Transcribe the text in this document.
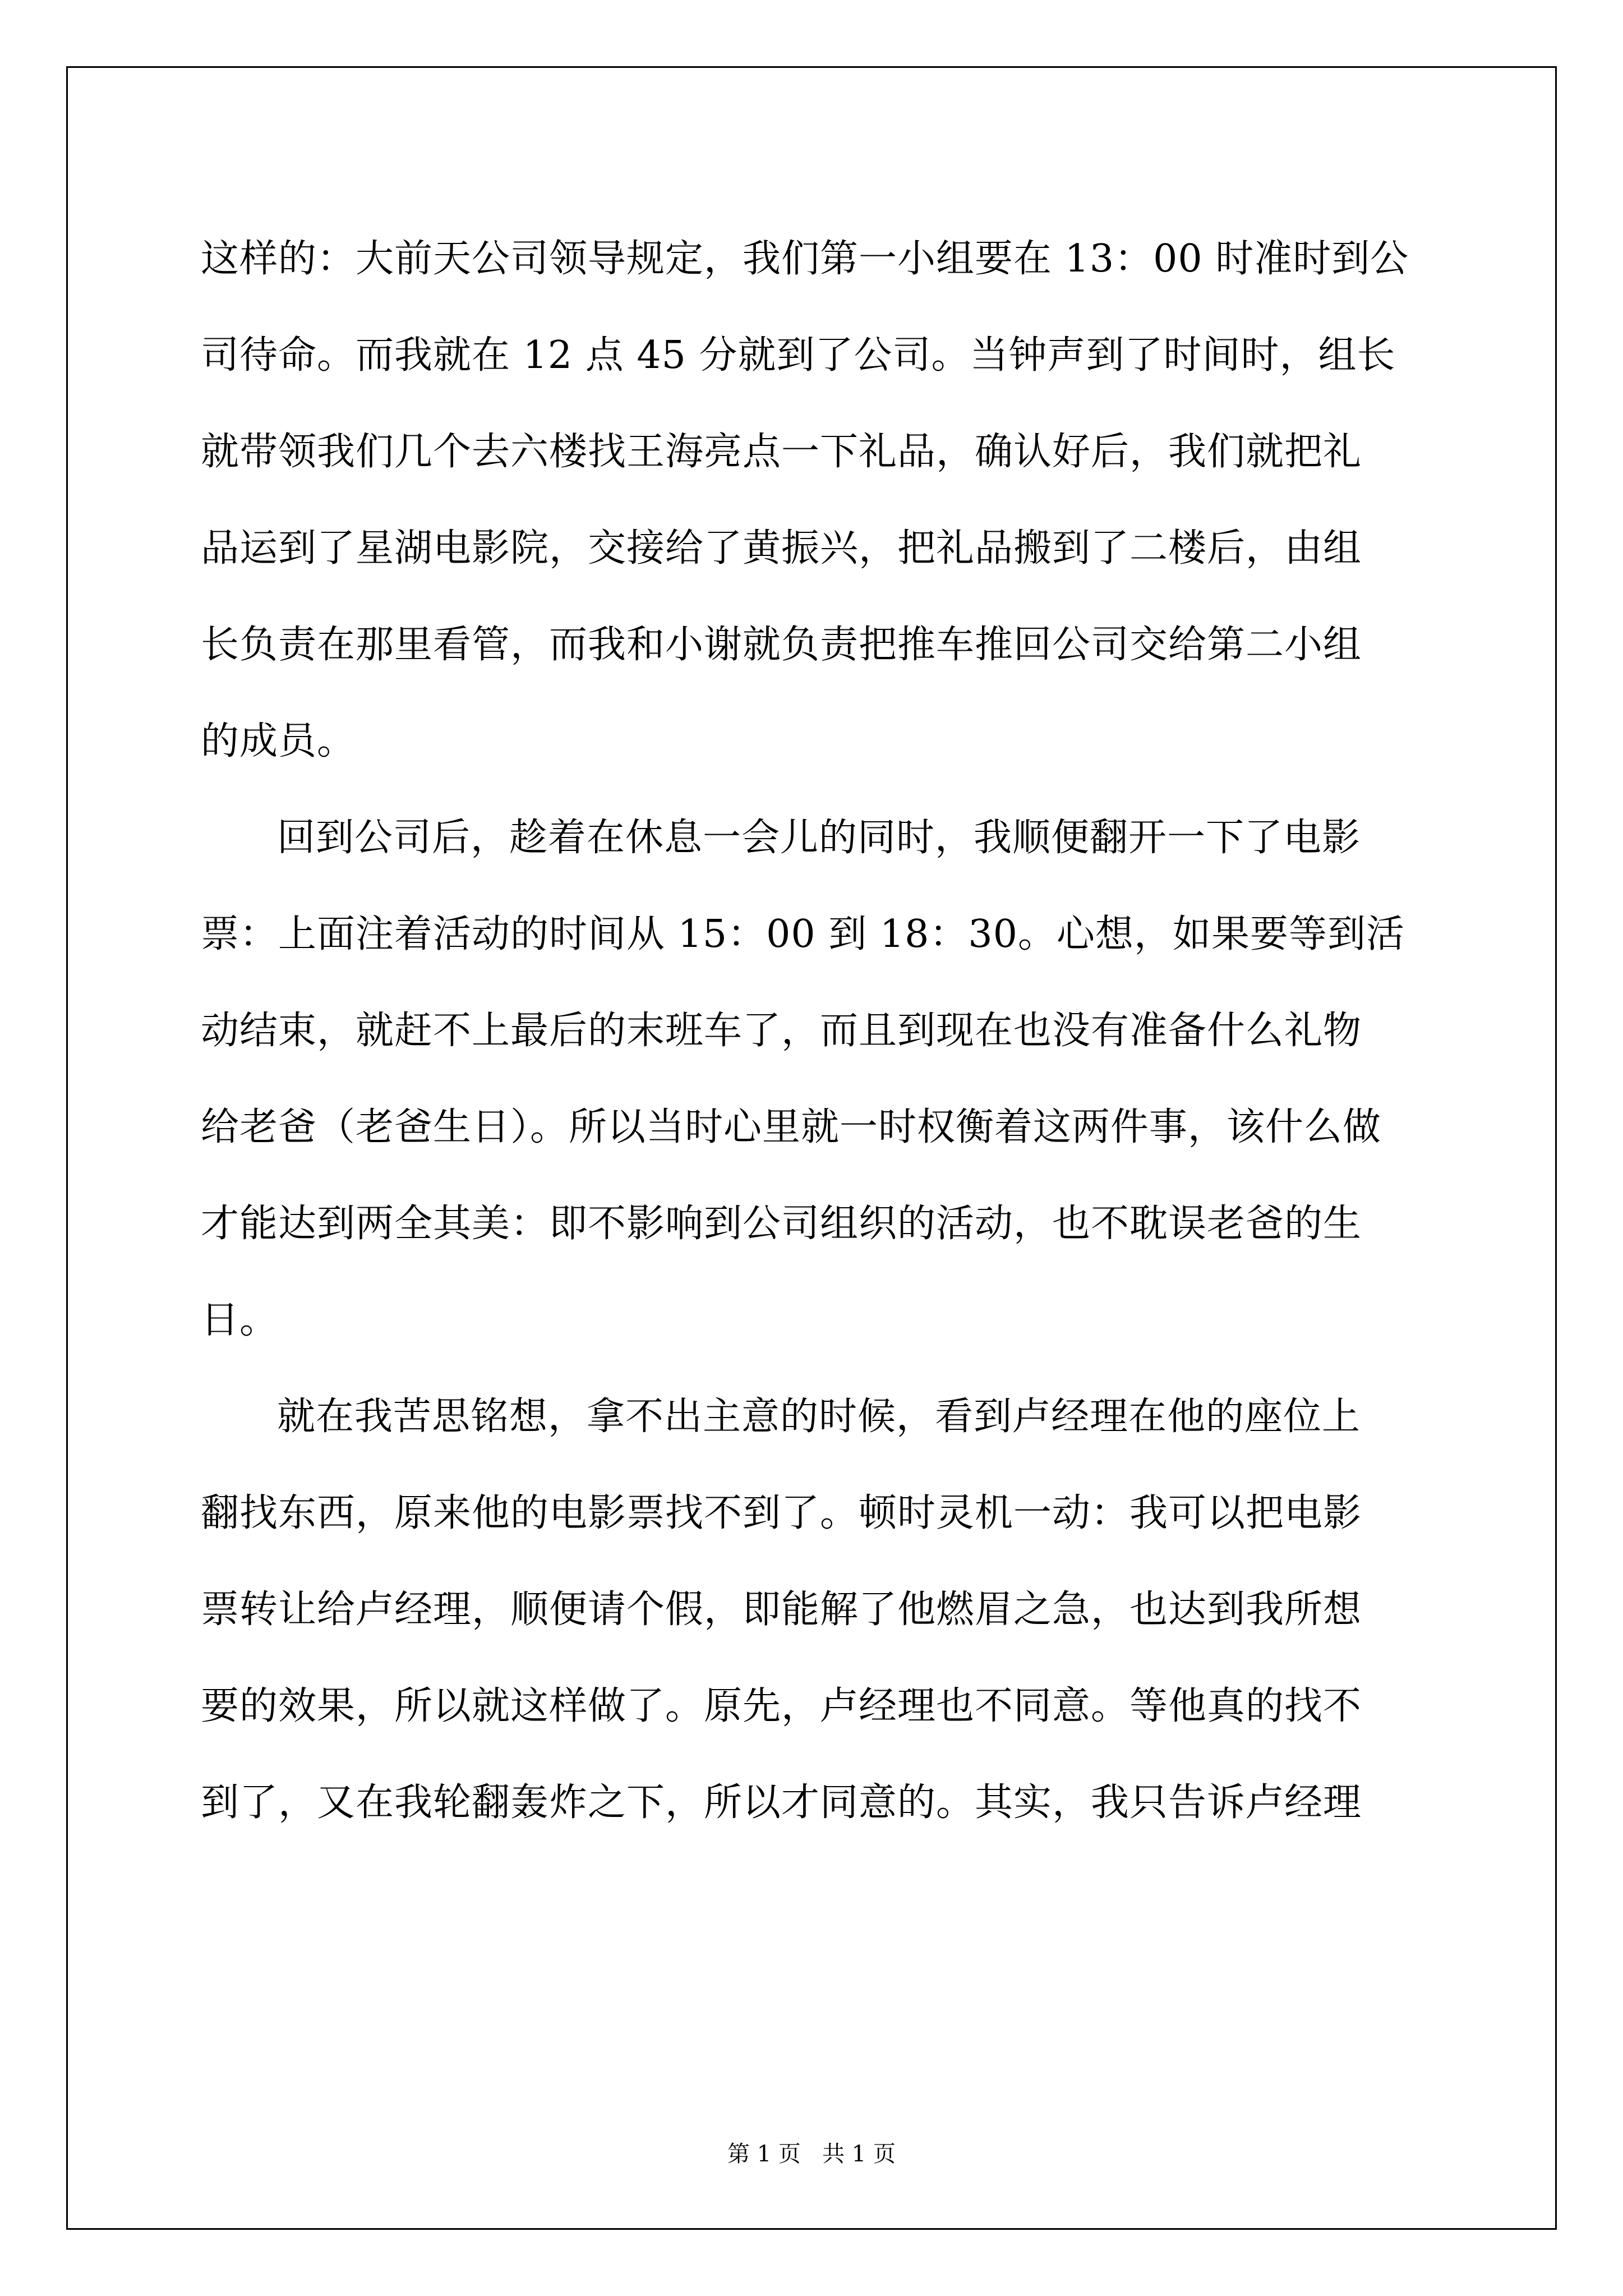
这样的：大前天公司领导规定，我们第一小组要在 13：00 时准时到公
司待命。而我就在 12 点 45 分就到了公司。当钟声到了时间时，组长
就带领我们几个去六楼找王海亮点一下礼品，确认好后，我们就把礼
品运到了星湖电影院，交接给了黄振兴，把礼品搬到了二楼后，由组
长负责在那里看管，而我和小谢就负责把推车推回公司交给第二小组
的成员。
回到公司后，趁着在休息一会儿的同时，我顺便翻开一下了电影
票：上面注着活动的时间从 15：00 到 18：30。心想，如果要等到活
动结束，就赶不上最后的末班车了，而且到现在也没有准备什么礼物
给老爸（老爸生日）。所以当时心里就一时权衡着这两件事，该什么做
才能达到两全其美：即不影响到公司组织的活动，也不耽误老爸的生
日。
就在我苦思铭想，拿不出主意的时候，看到卢经理在他的座位上
翻找东西，原来他的电影票找不到了。顿时灵机一动：我可以把电影
票转让给卢经理，顺便请个假，即能解了他燃眉之急，也达到我所想
要的效果，所以就这样做了。原先，卢经理也不同意。等他真的找不
到了，又在我轮翻轰炸之下，所以才同意的。其实，我只告诉卢经理
第 1 页   共 1 页
